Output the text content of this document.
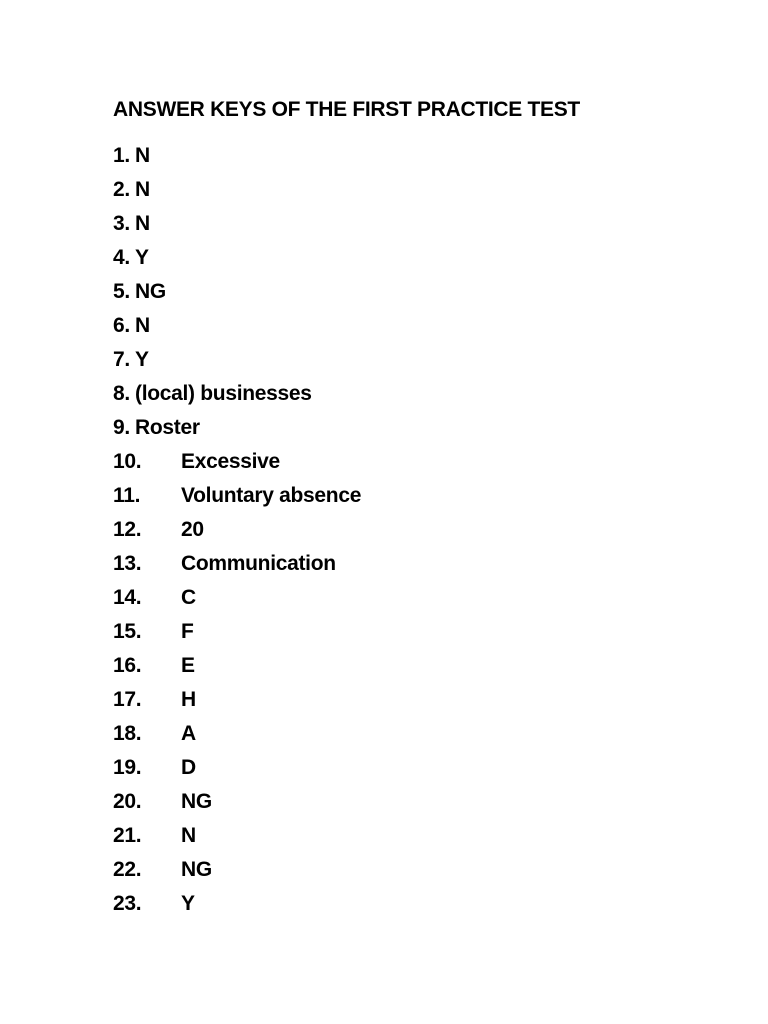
ANSWER KEYS OF THE FIRST PRACTICE TEST
1. N
2. N
3. N
4. Y
5. NG
6. N
7. Y
8. (local) businesses
9. Roster
10. Excessive
11. Voluntary absence
12. 20
13. Communication
14. C
15. F
16. E
17. H
18. A
19. D
20. NG
21. N
22. NG
23. Y
